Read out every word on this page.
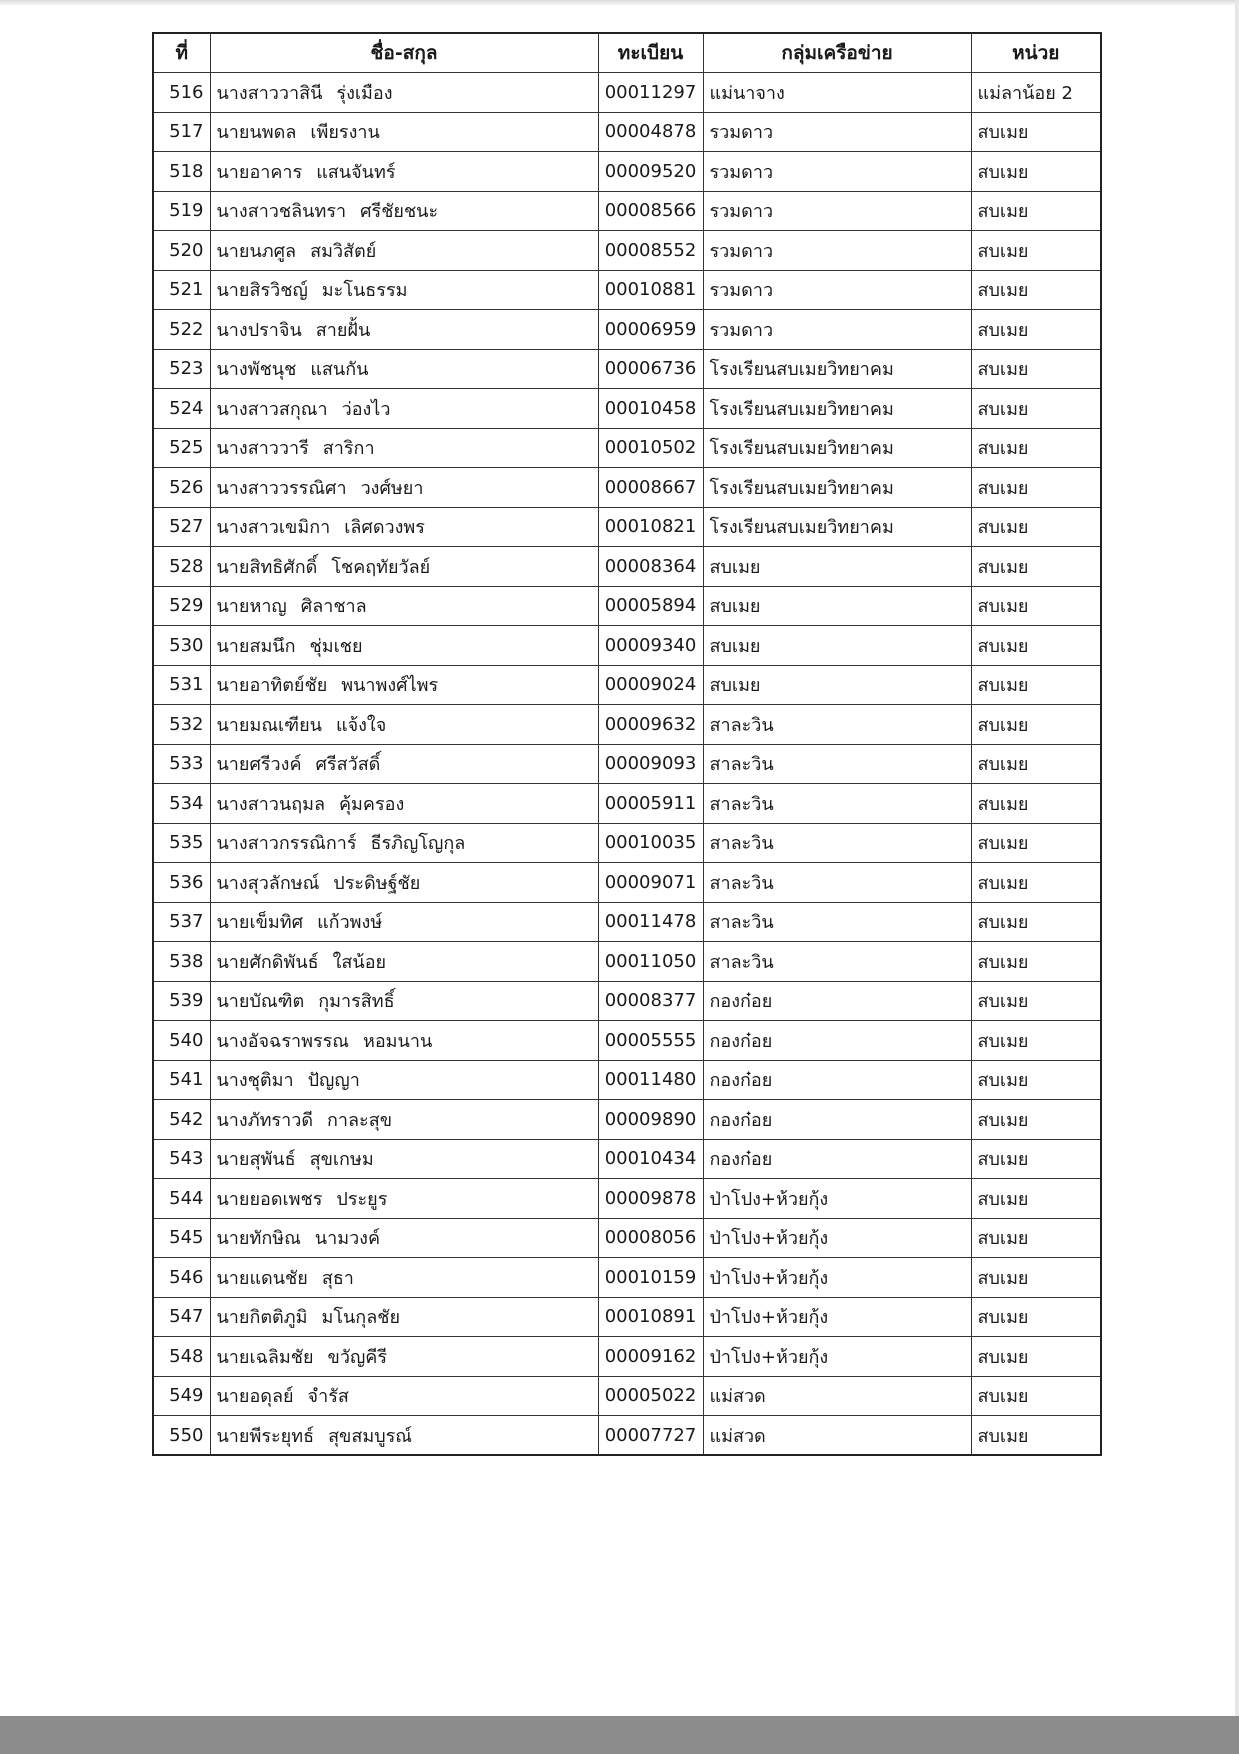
ที่	ชื่อ-สกุล	ทะเบียน	กลุ่มเครือข่าย	หน่วย
516	นางสาววาสินี รุ่งเมือง	00011297	แม่นาจาง	แม่ลาน้อย 2
517	นายนพดล เพียรงาน	00004878	รวมดาว	สบเมย
518	นายอาคาร แสนจันทร์	00009520	รวมดาว	สบเมย
519	นางสาวชลินทรา ศรีชัยชนะ	00008566	รวมดาว	สบเมย
520	นายนภศูล สมวิสัตย์	00008552	รวมดาว	สบเมย
521	นายสิรวิชญ์ มะโนธรรม	00010881	รวมดาว	สบเมย
522	นางปราจิน สายฝั้น	00006959	รวมดาว	สบเมย
523	นางพัชนุช แสนกัน	00006736	โรงเรียนสบเมยวิทยาคม	สบเมย
524	นางสาวสกุณา ว่องไว	00010458	โรงเรียนสบเมยวิทยาคม	สบเมย
525	นางสาววารี สาริกา	00010502	โรงเรียนสบเมยวิทยาคม	สบเมย
526	นางสาววรรณิศา วงศ์ษยา	00008667	โรงเรียนสบเมยวิทยาคม	สบเมย
527	นางสาวเขมิกา เลิศดวงพร	00010821	โรงเรียนสบเมยวิทยาคม	สบเมย
528	นายสิทธิศักดิ์ โชคฤทัยวัลย์	00008364	สบเมย	สบเมย
529	นายหาญ ศิลาชาล	00005894	สบเมย	สบเมย
530	นายสมนึก ชุ่มเชย	00009340	สบเมย	สบเมย
531	นายอาทิตย์ชัย พนาพงศ์ไพร	00009024	สบเมย	สบเมย
532	นายมณเฑียน แจ้งใจ	00009632	สาละวิน	สบเมย
533	นายศรีวงค์ ศรีสวัสดิ์	00009093	สาละวิน	สบเมย
534	นางสาวนฤมล คุ้มครอง	00005911	สาละวิน	สบเมย
535	นางสาวกรรณิการ์ ธีรภิญโญกุล	00010035	สาละวิน	สบเมย
536	นางสุวลักษณ์ ประดิษฐ์ชัย	00009071	สาละวิน	สบเมย
537	นายเข็มทิศ แก้วพงษ์	00011478	สาละวิน	สบเมย
538	นายศักดิพันธ์ ใสน้อย	00011050	สาละวิน	สบเมย
539	นายบัณฑิต กุมารสิทธิ์	00008377	กองก๋อย	สบเมย
540	นางอัจฉราพรรณ หอมนาน	00005555	กองก๋อย	สบเมย
541	นางชุติมา ปัญญา	00011480	กองก๋อย	สบเมย
542	นางภัทราวดี กาละสุข	00009890	กองก๋อย	สบเมย
543	นายสุพันธ์ สุขเกษม	00010434	กองก๋อย	สบเมย
544	นายยอดเพชร ประยูร	00009878	ป่าโปง+ห้วยกุ้ง	สบเมย
545	นายทักษิณ นามวงค์	00008056	ป่าโปง+ห้วยกุ้ง	สบเมย
546	นายแดนชัย สุธา	00010159	ป่าโปง+ห้วยกุ้ง	สบเมย
547	นายกิตติภูมิ มโนกุลชัย	00010891	ป่าโปง+ห้วยกุ้ง	สบเมย
548	นายเฉลิมชัย ขวัญคีรี	00009162	ป่าโปง+ห้วยกุ้ง	สบเมย
549	นายอดุลย์ จำรัส	00005022	แม่สวด	สบเมย
550	นายพีระยุทธ์ สุขสมบูรณ์	00007727	แม่สวด	สบเมย
